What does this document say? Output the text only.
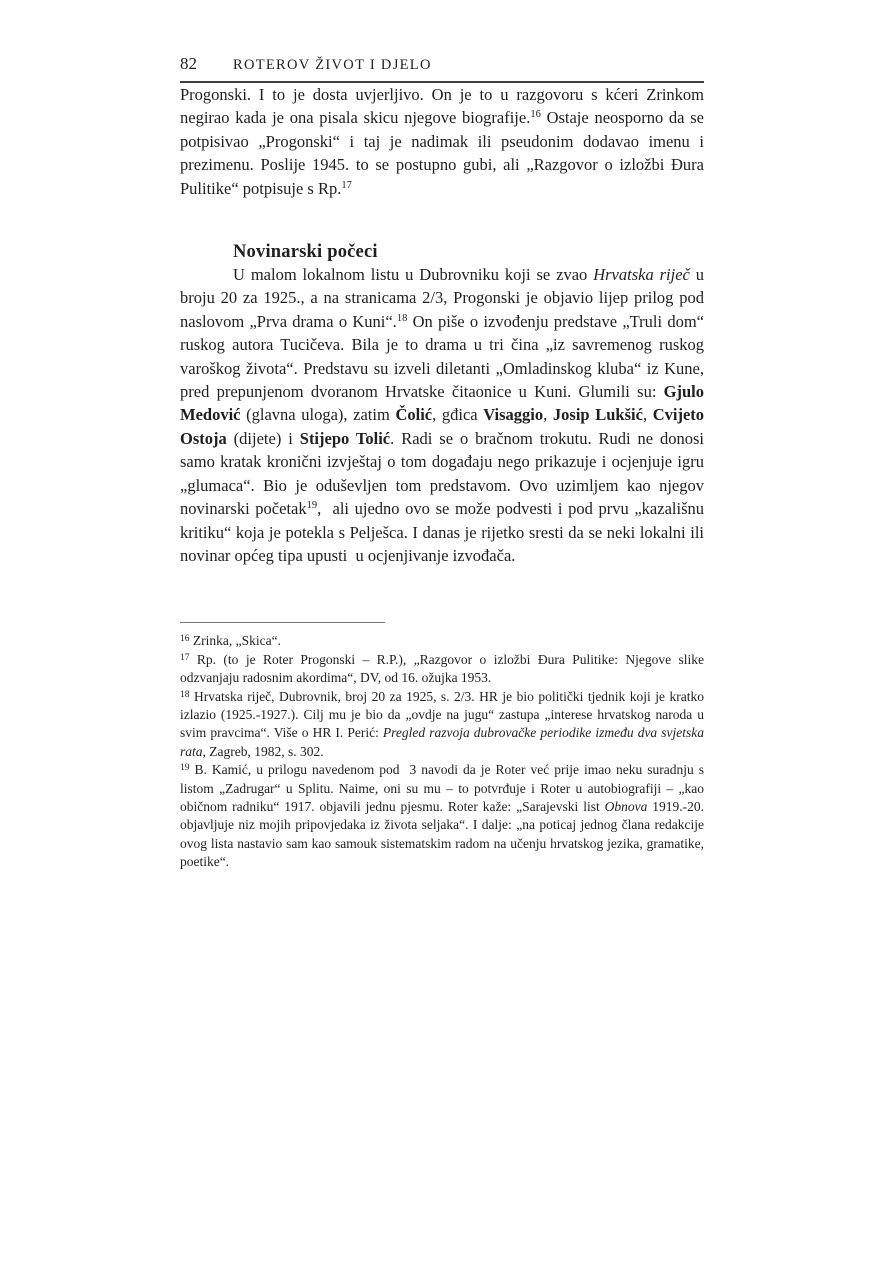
82	ROTEROV ŽIVOT I DJELO

Progonski. I to je dosta uvjerljivo. On je to u razgovoru s kćeri Zrinkom negirao kada je ona pisala skicu njegove biografije.$^{16}$ Ostaje neosporno da se potpisivao „Progonski“ i taj je nadimak ili pseudonim dodavao imenu i prezimenu. Poslije 1945. to se postupno gubi, ali „Razgovor o izložbi Đura Pulitike“ potpisuje s Rp.$^{17}$

Novinarski počeci

U malom lokalnom listu u Dubrovniku koji se zvao Hrvatska riječ u broju 20 za 1925., a na stranicama 2/3, Progonski je objavio lijep prilog pod naslovom „Prva drama o Kuni“.$^{18}$ On piše o izvođenju predstave „Truli dom“ ruskog autora Tucičeva. Bila je to drama u tri čina „iz savremenog ruskog varoškog života“. Predstavu su izveli diletanti „Omladinskog kluba“ iz Kune, pred prepunjenom dvoranom Hrvatske čitaonice u Kuni. Glumili su: Gjulo Medović (glavna uloga), zatim Čolić, gđica Visaggio, Josip Lukšić, Cvijeto Ostoja (dijete) i Stijepo Tolić. Radi se o bračnom trokutu. Rudi ne donosi samo kratak kronični izvještaj o tom događaju nego prikazuje i ocjenjuje igru „glumaca“. Bio je oduševljen tom predstavom. Ovo uzimljem kao njegov novinarski početak$^{19}$,  ali ujedno ovo se može podvesti i pod prvu „kazališnu kritiku“ koja je potekla s Pelješca. I danas je rijetko sresti da se neki lokalni ili novinar općeg tipa upusti  u ocjenjivanje izvođača.

$^{16}$ Zrinka, „Skica“.

$^{17}$ Rp. (to je Roter Progonski – R.P.), „Razgovor o izložbi Đura Pulitike: Njegove slike odzvanjaju radosnim akordima“, DV, od 16. ožujka 1953.

$^{18}$ Hrvatska riječ, Dubrovnik, broj 20 za 1925, s. 2/3. HR je bio politički tjednik koji je kratko izlazio (1925.-1927.). Cilj mu je bio da „ovdje na jugu“ zastupa „interese hrvatskog naroda u svim pravcima“. Više o HR I. Perić: Pregled razvoja dubrovačke periodike između dva svjetska rata, Zagreb, 1982, s. 302.

$^{19}$ B. Kamić, u prilogu navedenom pod  3 navodi da je Roter već prije imao neku suradnju s listom „Zadrugar“ u Splitu. Naime, oni su mu – to potvrđuje i Roter u autobiografiji – „kao običnom radniku“ 1917. objavili jednu pjesmu. Roter kaže: „Sarajevski list Obnova 1919.-20. objavljuje niz mojih pripovjedaka iz života seljaka“. I dalje: „na poticaj jednog člana redakcije ovog lista nastavio sam kao samouk sistematskim radom na učenju hrvatskog jezika, gramatike, poetike“.
